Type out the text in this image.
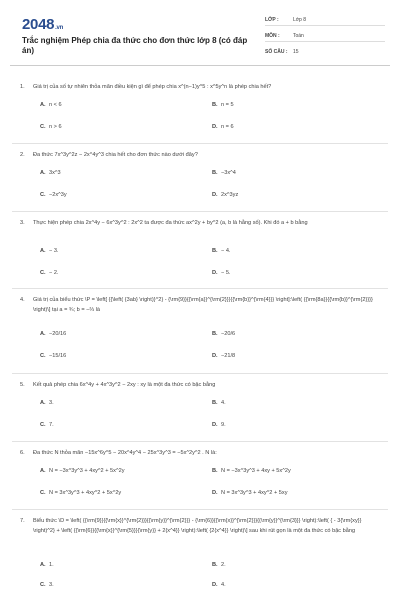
2048.vn
Trắc nghiệm Phép chia đa thức cho đơn thức lớp 8 (có đáp án)
LỚP :	Lớp 8
MÔN :	Toán
SỐ CÂU : 15
1. Giá trị của số tự nhiên thỏa mãn điều kiện gì để phép chia x^(n−1)y^5 : x^5y^n là phép chia hết?
A. n < 6	B. n = 5
C. n > 6	D. n = 6
2. Đa thức 7x^3y^2z − 2x^4y^3 chia hết cho đơn thức nào dưới đây?
A. 3x^3	B. −3x^4
C. −2x^3y	D. 2x^3yz
3. Thực hiện phép chia 2x^4y − 6x^3y^2 : 2x^2 ta được đa thức ax^2y + by^2 (a, b là hằng số). Khi đó a + b bằng
A. − 3.	B. − 4.
C. − 2.	D. − 5.
4. Giá trị của biểu thức \P = \left[ {{\left( {3ab} \right)}^2} - {\rm{9}}{{\rm{a}}^{\rm{2}}}{{\rm{b}}^{\rm{4}}} \right]:\left( {{\rm{8a}}{{\rm{b}}^{\rm{2}}}} \right)\] tại a = ¾; b = −⅔ là
A. −20/16	B. −20/6
C. −15/16	D. −21/8
5. Kết quả phép chia 6x^4y + 4x^3y^2 − 2xy : xy là một đa thức có bậc bằng
A. 3.	B. 4.
C. 7.	D. 9.
6. Đa thức N thỏa mãn −15x^6y^5 − 20x^4y^4 − 25x^3y^3 = −5x^2y^2 . N là:
A. N = −3x^3y^3 + 4xy^2 + 5x^2y	B. N = −3x^3y^3 + 4xy + 5x^2y
C. N = 3x^3y^3 + 4xy^2 + 5x^2y	D. N = 3x^3y^3 + 4xy^2 + 5xy
7. Biểu thức \D = \left( {{\rm{9}}{{\rm{x}}^{\rm{2}}}{{\rm{y}}^{\rm{2}}} - {\rm{6}}{{\rm{x}}^{\rm{2}}}{{\rm{y}}^{\rm{3}}} \right):\left( { - 3{\rm{xy}} \right)^2} + \left( {{\rm{6}}{{\rm{x}}^{\rm{5}}}{\rm{y}} + 2{x^4}} \right):\left( {2{x^4}} \right)\] sau khi rút gọn là một đa thức có bậc bằng
A. 1.	B. 2.
C. 3.	D. 4.
